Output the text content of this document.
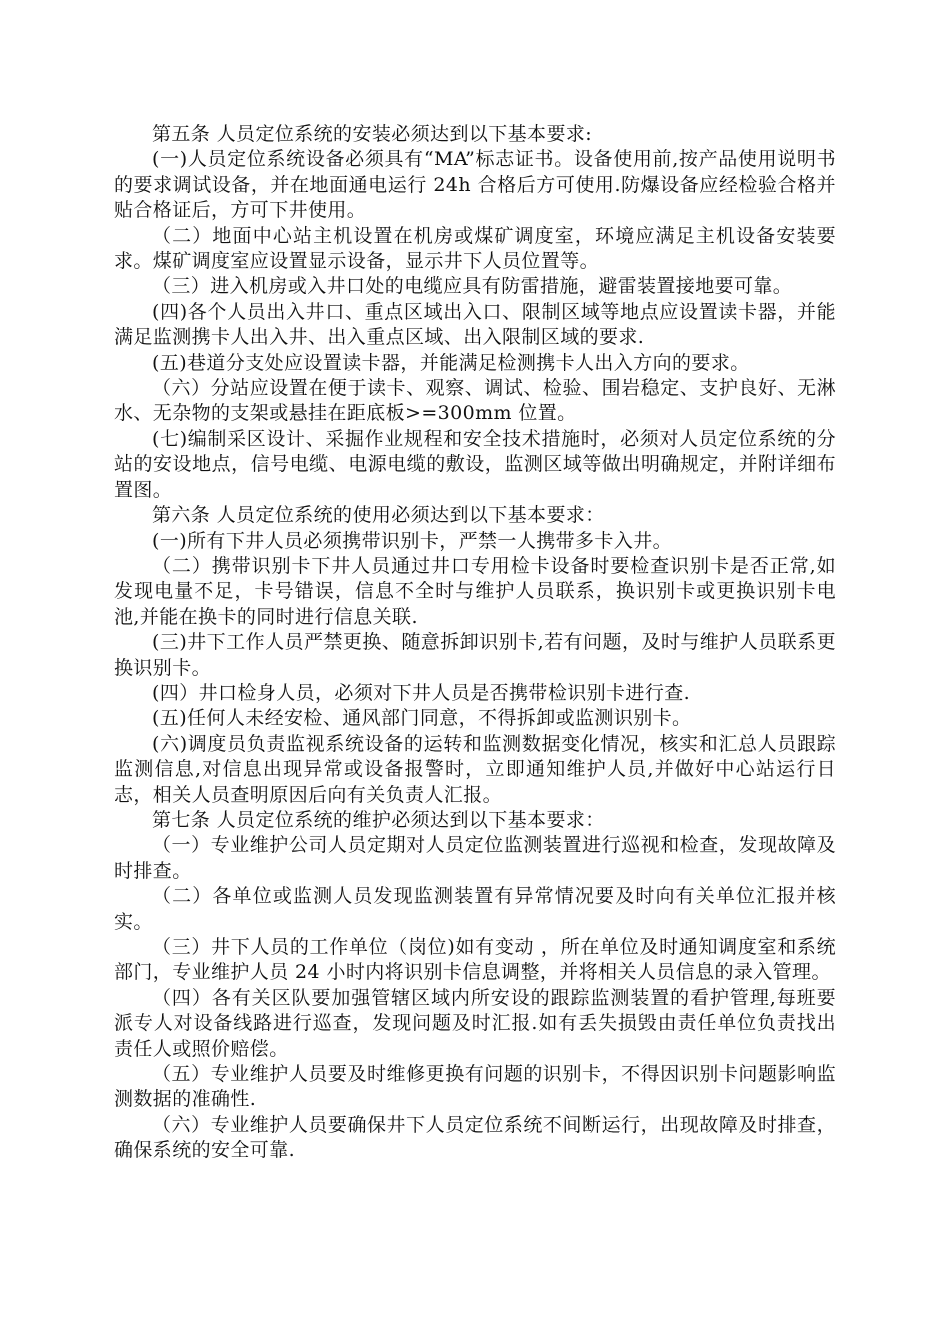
第五条 人员定位系统的安装必须达到以下基本要求:

(一)人员定位系统设备必须具有“MA”标志证书。设备使用前,按产品使用说明书的要求调试设备，并在地面通电运行 24h 合格后方可使用.防爆设备应经检验合格并贴合格证后，方可下井使用。

（二）地面中心站主机设置在机房或煤矿调度室，环境应满足主机设备安装要求。煤矿调度室应设置显示设备，显示井下人员位置等。

（三）进入机房或入井口处的电缆应具有防雷措施，避雷装置接地要可靠。

(四)各个人员出入井口、重点区域出入口、限制区域等地点应设置读卡器，并能满足监测携卡人出入井、出入重点区域、出入限制区域的要求.

(五)巷道分支处应设置读卡器，并能满足检测携卡人出入方向的要求。

（六）分站应设置在便于读卡、观察、调试、检验、围岩稳定、支护良好、无淋水、无杂物的支架或悬挂在距底板>=300mm 位置。

(七)编制采区设计、采掘作业规程和安全技术措施时，必须对人员定位系统的分站的安设地点，信号电缆、电源电缆的敷设，监测区域等做出明确规定，并附详细布置图。

第六条 人员定位系统的使用必须达到以下基本要求：

(一)所有下井人员必须携带识别卡，严禁一人携带多卡入井。

（二）携带识别卡下井人员通过井口专用检卡设备时要检查识别卡是否正常,如发现电量不足，卡号错误，信息不全时与维护人员联系，换识别卡或更换识别卡电池,并能在换卡的同时进行信息关联.

(三)井下工作人员严禁更换、随意拆卸识别卡,若有问题，及时与维护人员联系更换识别卡。

(四）井口检身人员，必须对下井人员是否携带检识别卡进行查.

(五)任何人未经安检、通风部门同意，不得拆卸或监测识别卡。

(六)调度员负责监视系统设备的运转和监测数据变化情况，核实和汇总人员跟踪监测信息,对信息出现异常或设备报警时，立即通知维护人员,并做好中心站运行日志，相关人员查明原因后向有关负责人汇报。

第七条 人员定位系统的维护必须达到以下基本要求：

（一）专业维护公司人员定期对人员定位监测装置进行巡视和检查，发现故障及时排查。

（二）各单位或监测人员发现监测装置有异常情况要及时向有关单位汇报并核实。

（三）井下人员的工作单位（岗位)如有变动 ，所在单位及时通知调度室和系统部门，专业维护人员 24 小时内将识别卡信息调整，并将相关人员信息的录入管理。

（四）各有关区队要加强管辖区域内所安设的跟踪监测装置的看护管理,每班要派专人对设备线路进行巡查，发现问题及时汇报.如有丢失损毁由责任单位负责找出责任人或照价赔偿。

（五）专业维护人员要及时维修更换有问题的识别卡，不得因识别卡问题影响监测数据的准确性.

（六）专业维护人员要确保井下人员定位系统不间断运行，出现故障及时排查，确保系统的安全可靠.
